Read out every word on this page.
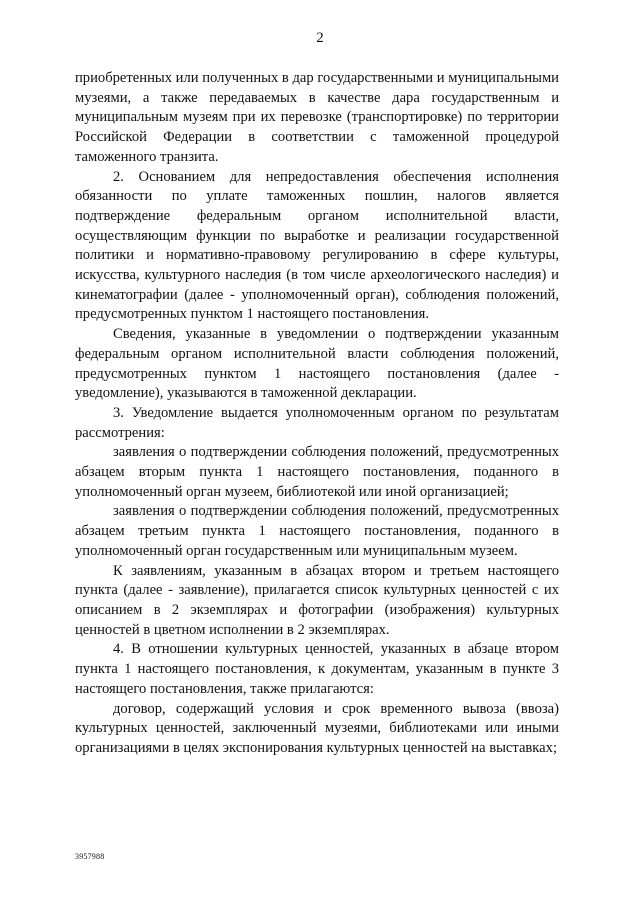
2

приобретенных или полученных в дар государственными и муниципальными музеями, а также передаваемых в качестве дара государственным и муниципальным музеям при их перевозке (транспортировке) по территории Российской Федерации в соответствии с таможенной процедурой таможенного транзита.

2. Основанием для непредоставления обеспечения исполнения обязанности по уплате таможенных пошлин, налогов является подтверждение федеральным органом исполнительной власти, осуществляющим функции по выработке и реализации государственной политики и нормативно-правовому регулированию в сфере культуры, искусства, культурного наследия (в том числе археологического наследия) и кинематографии (далее - уполномоченный орган), соблюдения положений, предусмотренных пунктом 1 настоящего постановления.

Сведения, указанные в уведомлении о подтверждении указанным федеральным органом исполнительной власти соблюдения положений, предусмотренных пунктом 1 настоящего постановления (далее - уведомление), указываются в таможенной декларации.

3. Уведомление выдается уполномоченным органом по результатам рассмотрения:

заявления о подтверждении соблюдения положений, предусмотренных абзацем вторым пункта 1 настоящего постановления, поданного в уполномоченный орган музеем, библиотекой или иной организацией;

заявления о подтверждении соблюдения положений, предусмотренных абзацем третьим пункта 1 настоящего постановления, поданного в уполномоченный орган государственным или муниципальным музеем.

К заявлениям, указанным в абзацах втором и третьем настоящего пункта (далее - заявление), прилагается список культурных ценностей с их описанием в 2 экземплярах и фотографии (изображения) культурных ценностей в цветном исполнении в 2 экземплярах.

4. В отношении культурных ценностей, указанных в абзаце втором пункта 1 настоящего постановления, к документам, указанным в пункте 3 настоящего постановления, также прилагаются:

договор, содержащий условия и срок временного вывоза (ввоза) культурных ценностей, заключенный музеями, библиотеками или иными организациями в целях экспонирования культурных ценностей на выставках;

3957988
